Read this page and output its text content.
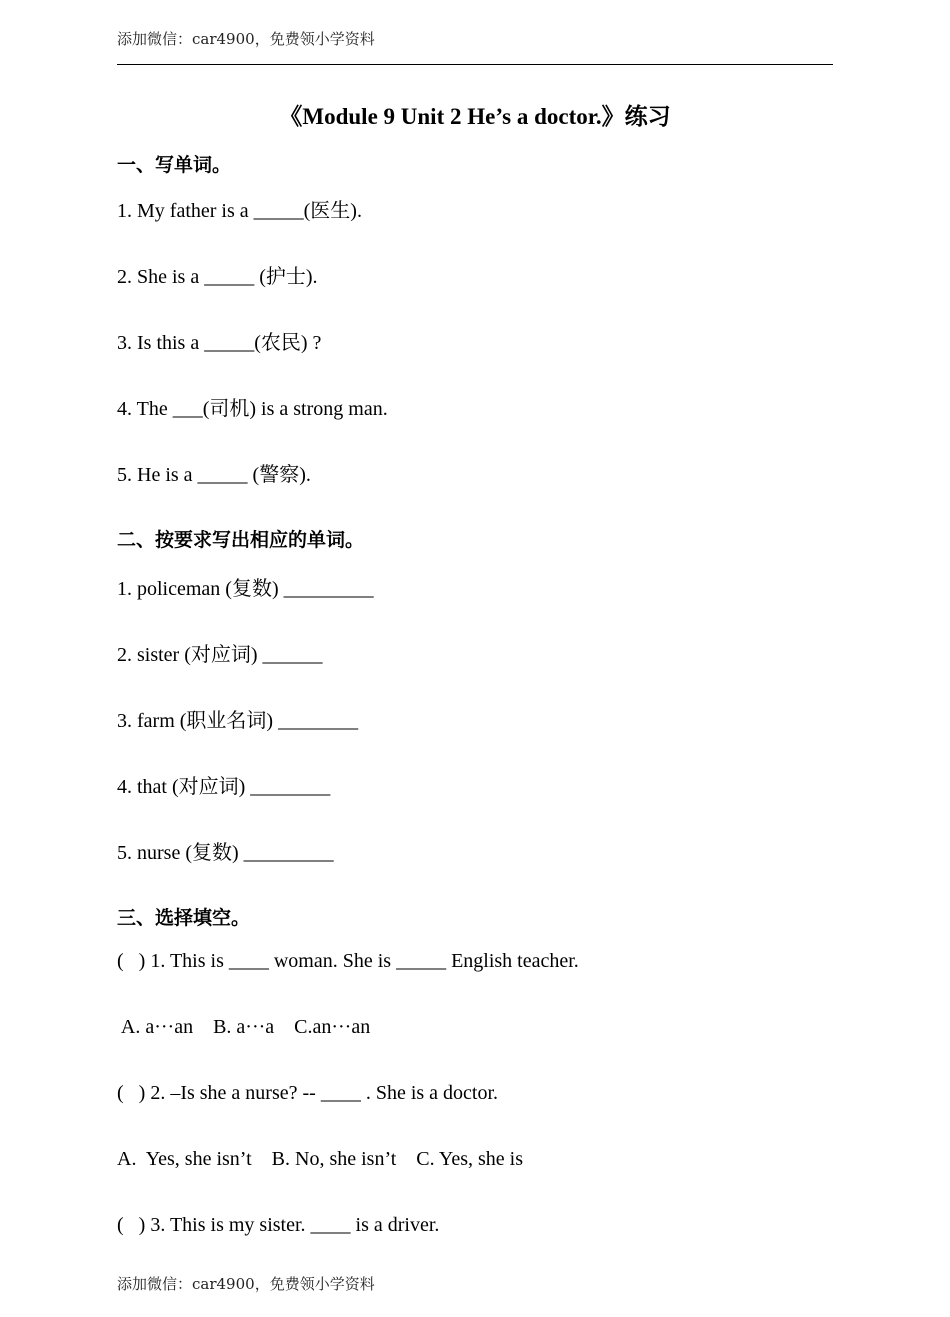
添加微信：car4900，免费领小学资料
《Module 9 Unit 2 He’s a doctor.》练习
一、写单词。
1. My father is a _____(医生).
2. She is a _____ (护士).
3. Is this a _____(农民) ?
4. The ___(司机) is a strong man.
5. He is a _____ (警察).
二、按要求写出相应的单词。
1. policeman (复数) _________
2. sister (对应词) ______
3. farm (职业名词) ________
4. that (对应词) ________
5. nurse (复数) _________
三、选择填空。
(   ) 1. This is ____ woman. She is _____ English teacher.
A. a···an    B. a···a    C.an···an
(   ) 2. –Is she a nurse? -- ____ . She is a doctor.
A.  Yes, she isn’t    B. No, she isn’t    C. Yes, she is
(   ) 3. This is my sister. ____ is a driver.
添加微信：car4900，免费领小学资料
